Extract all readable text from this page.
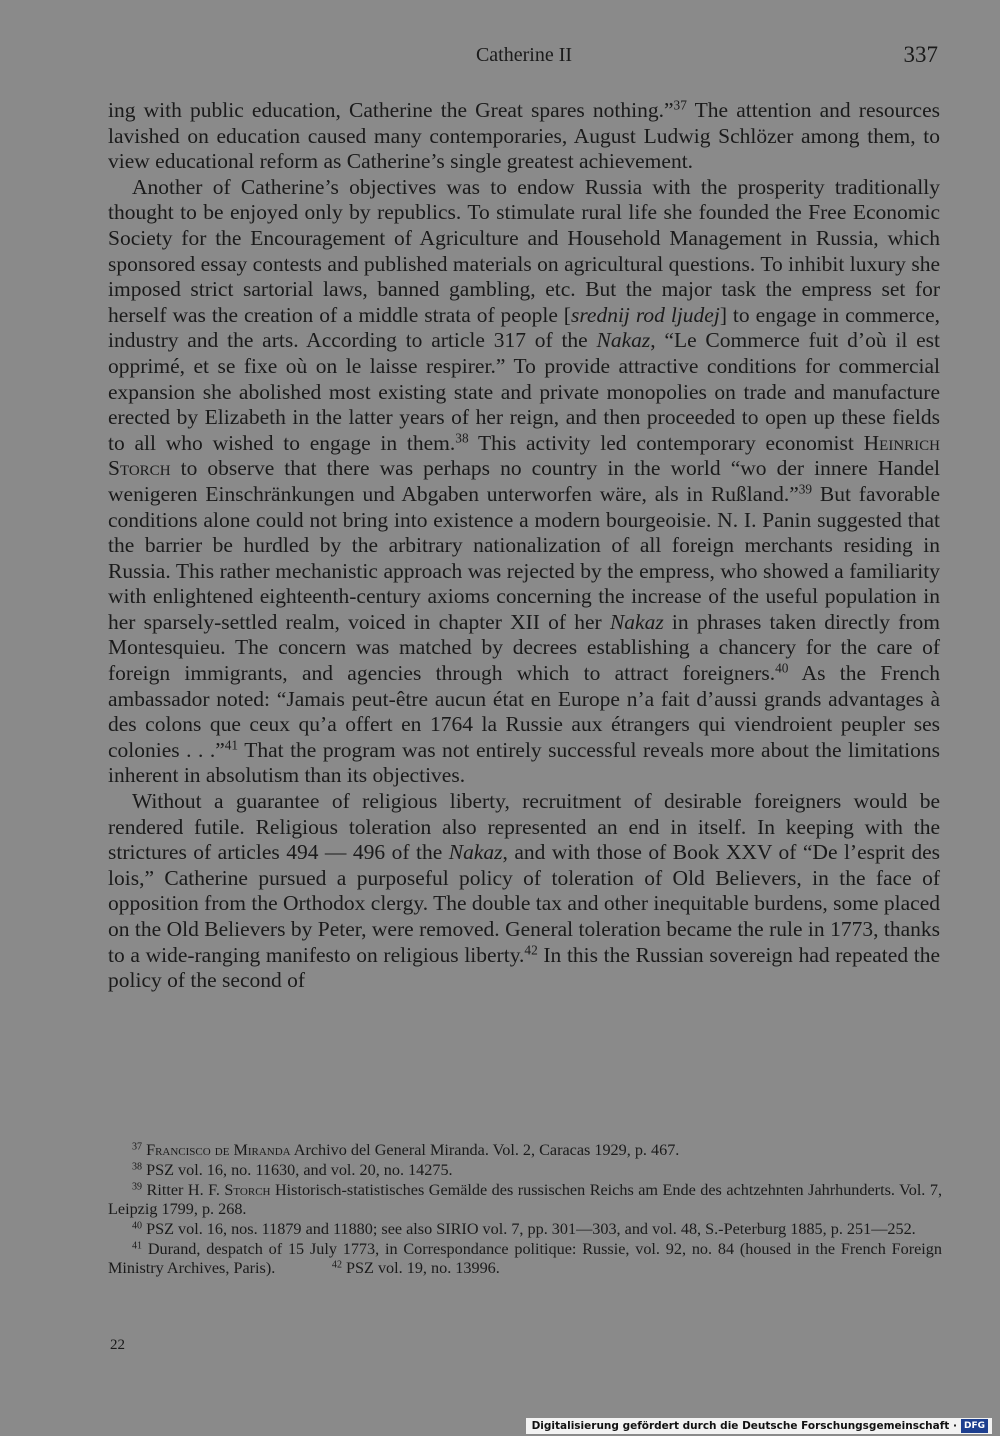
Catherine II	337

ing with public education, Catherine the Great spares nothing.”$^{37}$ The attention and resources lavished on education caused many contemporaries, August Ludwig Schlözer among them, to view educational reform as Catherine’s single greatest achievement.

Another of Catherine’s objectives was to endow Russia with the prosperity traditionally thought to be enjoyed only by republics. To stimulate rural life she founded the Free Economic Society for the Encouragement of Agriculture and Household Management in Russia, which sponsored essay contests and published materials on agricultural questions. To inhibit luxury she imposed strict sartorial laws, banned gambling, etc. But the major task the empress set for herself was the creation of a middle strata of people [srednij rod ljudej] to engage in commerce, industry and the arts. According to article 317 of the Nakaz, “Le Commerce fuit d’où il est opprimé, et se fixe où on le laisse respirer.” To provide attractive conditions for commercial expansion she abolished most existing state and private monopolies on trade and manufacture erected by Elizabeth in the latter years of her reign, and then proceeded to open up these fields to all who wished to engage in them.$^{38}$ This activity led contemporary economist Heinrich Storch to observe that there was perhaps no country in the world “wo der innere Handel wenigeren Einschränkungen und Abgaben unterworfen wäre, als in Rußland.”$^{39}$ But favorable conditions alone could not bring into existence a modern bourgeoisie. N. I. Panin suggested that the barrier be hurdled by the arbitrary nationalization of all foreign merchants residing in Russia. This rather mechanistic approach was rejected by the empress, who showed a familiarity with enlightened eighteenth-century axioms concerning the increase of the useful population in her sparsely-settled realm, voiced in chapter XII of her Nakaz in phrases taken directly from Montesquieu. The concern was matched by decrees establishing a chancery for the care of foreign immigrants, and agencies through which to attract foreigners.$^{40}$ As the French ambassador noted: “Jamais peut-être aucun état en Europe n’a fait d’aussi grands advantages à des colons que ceux qu’a offert en 1764 la Russie aux étrangers qui viendroient peupler ses colonies . . .”$^{41}$ That the program was not entirely successful reveals more about the limitations inherent in absolutism than its objectives.

Without a guarantee of religious liberty, recruitment of desirable foreigners would be rendered futile. Religious toleration also represented an end in itself. In keeping with the strictures of articles 494 — 496 of the Nakaz, and with those of Book XXV of “De l’esprit des lois,” Catherine pursued a purposeful policy of toleration of Old Believers, in the face of opposition from the Orthodox clergy. The double tax and other inequitable burdens, some placed on the Old Believers by Peter, were removed. General toleration became the rule in 1773, thanks to a wide-ranging manifesto on religious liberty.$^{42}$ In this the Russian sovereign had repeated the policy of the second of

$^{37}$ Francisco de Miranda Archivo del General Miranda. Vol. 2, Caracas 1929, p. 467.

$^{38}$ PSZ vol. 16, no. 11630, and vol. 20, no. 14275.

$^{39}$ Ritter H. F. Storch Historisch-statistisches Gemälde des russischen Reichs am Ende des achtzehnten Jahrhunderts. Vol. 7, Leipzig 1799, p. 268.

$^{40}$ PSZ vol. 16, nos. 11879 and 11880; see also SIRIO vol. 7, pp. 301—303, and vol. 48, S.-Peterburg 1885, p. 251—252.

$^{41}$ Durand, despatch of 15 July 1773, in Correspondance politique: Russie, vol. 92, no. 84 (housed in the French Foreign Ministry Archives, Paris).	$^{42}$ PSZ vol. 19, no. 13996.

22
Digitalisierung gefördert durch die Deutsche Forschungsgemeinschaft · DFG
